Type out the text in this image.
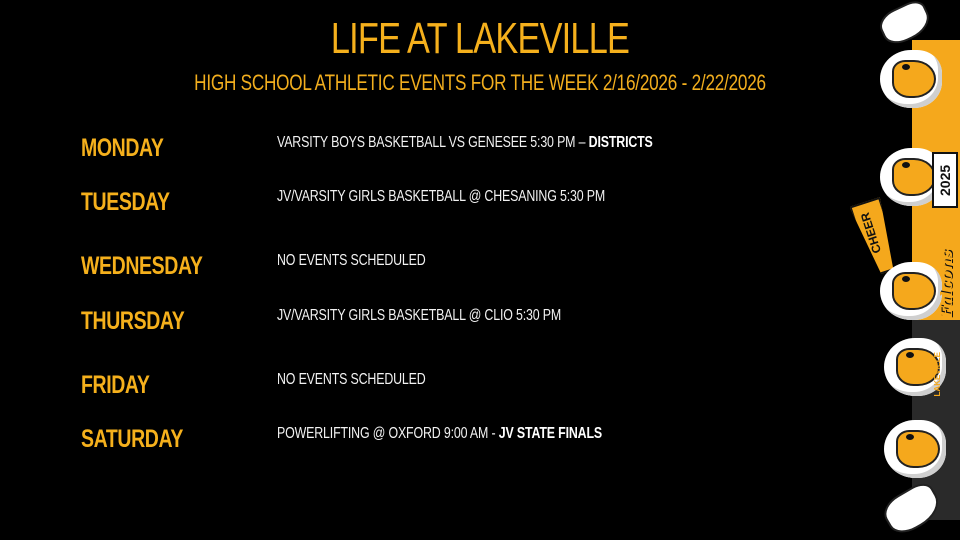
LIFE AT LAKEVILLE
HIGH SCHOOL ATHLETIC EVENTS FOR THE WEEK 2/16/2026 - 2/22/2026
MONDAY	VARSITY BOYS BASKETBALL VS GENESEE 5:30 PM – DISTRICTS
TUESDAY	JV/VARSITY GIRLS BASKETBALL @ CHESANING 5:30 PM
WEDNESDAY	NO EVENTS SCHEDULED
THURSDAY	JV/VARSITY GIRLS BASKETBALL @ CLIO 5:30 PM
FRIDAY	NO EVENTS SCHEDULED
SATURDAY	POWERLIFTING @ OXFORD 9:00 AM - JV STATE FINALS
2025
CHEER
Falcons
LAKEVILLE
